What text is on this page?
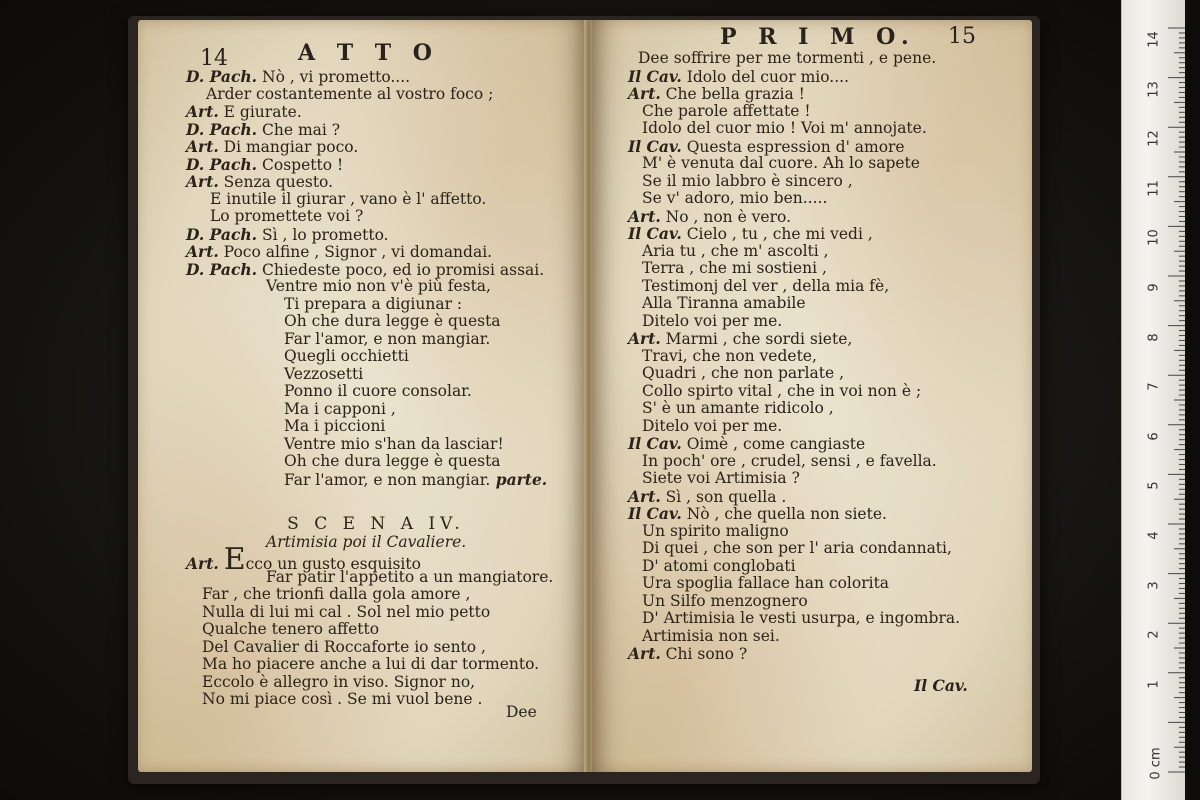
14	A T T O
D. Pach. Nò , vi prometto....
Arder costantemente al vostro foco ;
Art. E giurate.
D. Pach. Che mai ?
Art. Di mangiar poco.
D. Pach. Cospetto !
Art. Senza questo.
E inutile il giurar , vano è l' affetto.
Lo promettete voi ?
D. Pach. Sì , lo prometto.
Art. Poco alfine , Signor , vi domandai.
D. Pach. Chiedeste poco, ed io promisi assai.
Ventre mio non v'è più festa,
Ti prepara a digiunar :
Oh che dura legge è questa
Far l'amor, e non mangiar.
Quegli occhietti
Vezzosetti
Ponno il cuore consolar.
Ma i capponi ,
Ma i piccioni
Ventre mio s'han da lasciar!
Oh che dura legge è questa
Far l'amor, e non mangiar. parte.
S C E N A IV.
Artimisia poi il Cavaliere.
Art. Ecco un gusto esquisito
Far patir l'appetito a un mangiatore.
Far , che trionfi dalla gola amore ,
Nulla di lui mi cal . Sol nel mio petto
Qualche tenero affetto
Del Cavalier di Roccaforte io sento ,
Ma ho piacere anche a lui di dar tormento.
Eccolo è allegro in viso. Signor no,
No mi piace così . Se mi vuol bene .
Dee
P R I M O. 15
Dee soffrire per me tormenti , e pene.
Il Cav. Idolo del cuor mio....
Art. Che bella grazia !
Che parole affettate !
Idolo del cuor mio ! Voi m' annojate.
Il Cav. Questa espression d' amore
M' è venuta dal cuore. Ah lo sapete
Se il mio labbro è sincero ,
Se v' adoro, mio ben.....
Art. No , non è vero.
Il Cav. Cielo , tu , che mi vedi ,
Aria tu , che m' ascolti ,
Terra , che mi sostieni ,
Testimonj del ver , della mia fè,
Alla Tiranna amabile
Ditelo voi per me.
Art. Marmi , che sordi siete,
Travi, che non vedete,
Quadri , che non parlate ,
Collo spirto vital , che in voi non è ;
S' è un amante ridicolo ,
Ditelo voi per me.
Il Cav. Oimè , come cangiaste
In poch' ore , crudel, sensi , e favella.
Siete voi Artimisia ?
Art. Sì , son quella .
Il Cav. Nò , che quella non siete.
Un spirito maligno
Di quei , che son per l' aria condannati,
D' atomi conglobati
Ura spoglia fallace han colorita
Un Silfo menzognero
D' Artimisia le vesti usurpa, e ingombra.
Artimisia non sei.
Art. Chi sono ?
Il Cav.
14
13
12
11
10
9
8
7
6
5
4
3
2
1
0 cm
